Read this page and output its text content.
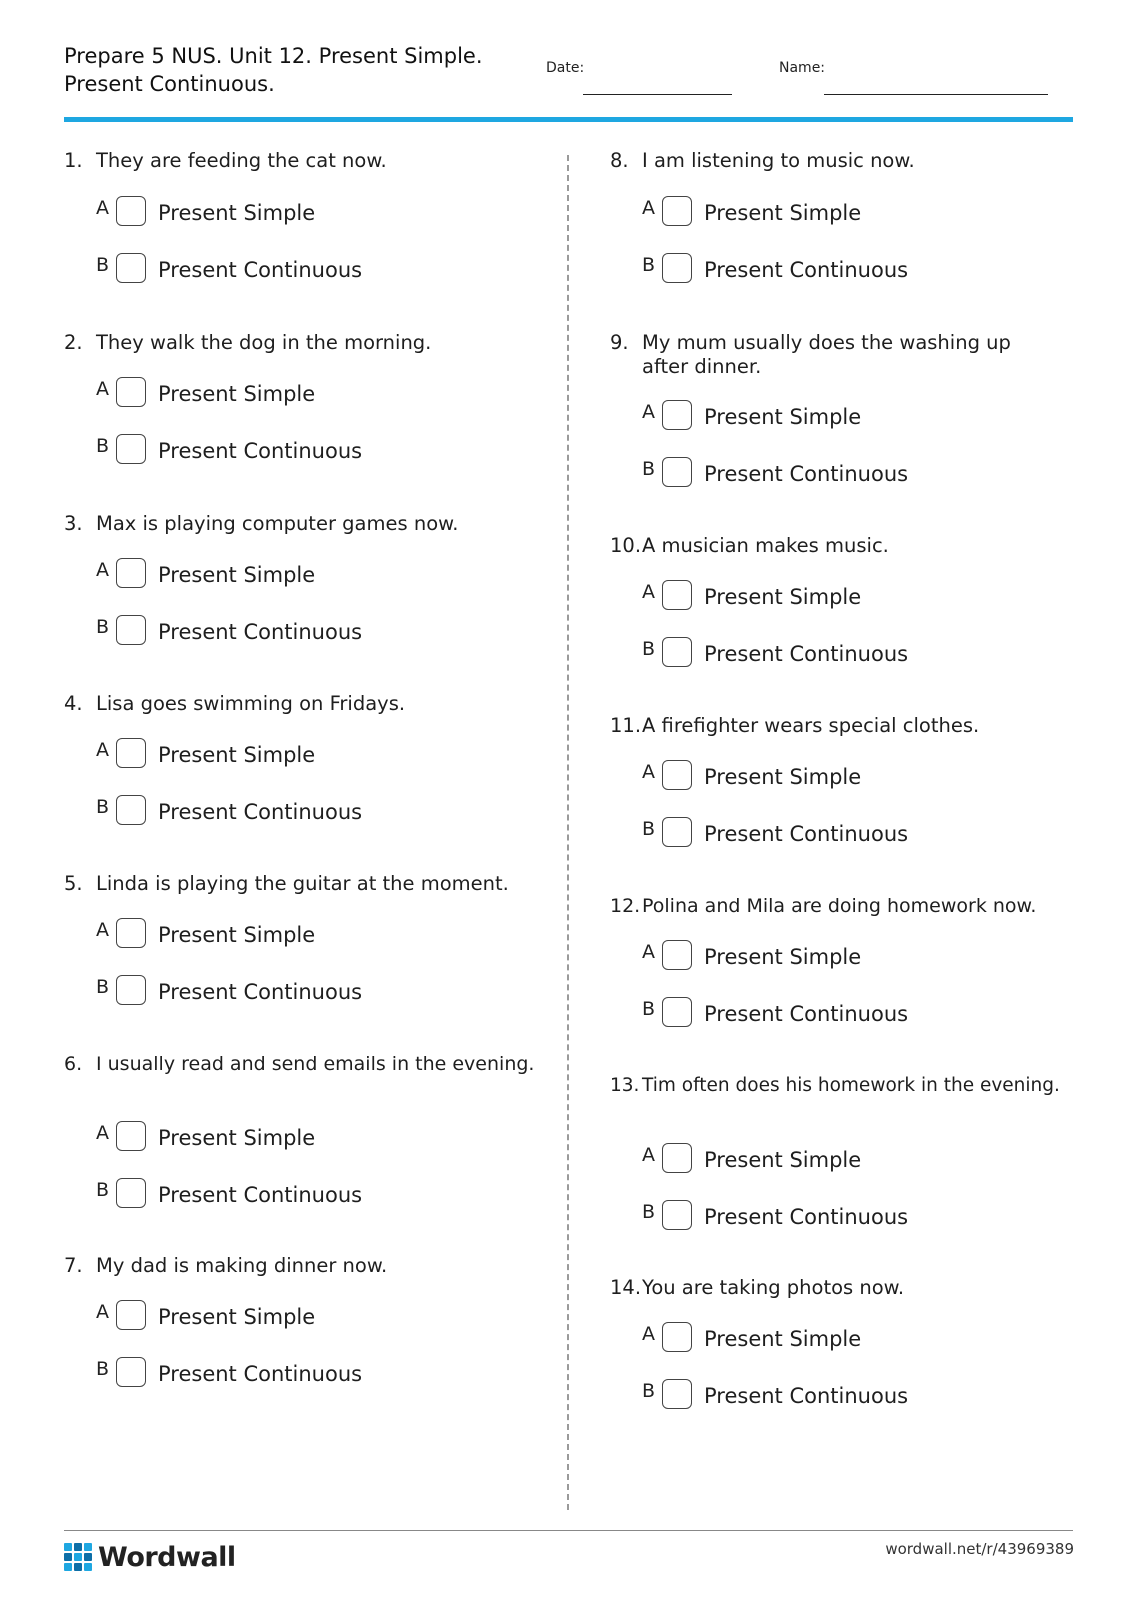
Prepare 5 NUS. Unit 12. Present Simple.
Present Continuous.
Date:	Name:
1. They are feeding the cat now.
A Present Simple
B Present Continuous
2. They walk the dog in the morning.
A Present Simple
B Present Continuous
3. Max is playing computer games now.
A Present Simple
B Present Continuous
4. Lisa goes swimming on Fridays.
A Present Simple
B Present Continuous
5. Linda is playing the guitar at the moment.
A Present Simple
B Present Continuous
6. I usually read and send emails in the evening.
A Present Simple
B Present Continuous
7. My dad is making dinner now.
A Present Simple
B Present Continuous
8. I am listening to music now.
A Present Simple
B Present Continuous
9. My mum usually does the washing up after dinner.
A Present Simple
B Present Continuous
10. A musician makes music.
A Present Simple
B Present Continuous
11. A firefighter wears special clothes.
A Present Simple
B Present Continuous
12. Polina and Mila are doing homework now.
A Present Simple
B Present Continuous
13. Tim often does his homework in the evening.
A Present Simple
B Present Continuous
14. You are taking photos now.
A Present Simple
B Present Continuous
Wordwall	wordwall.net/r/43969389
